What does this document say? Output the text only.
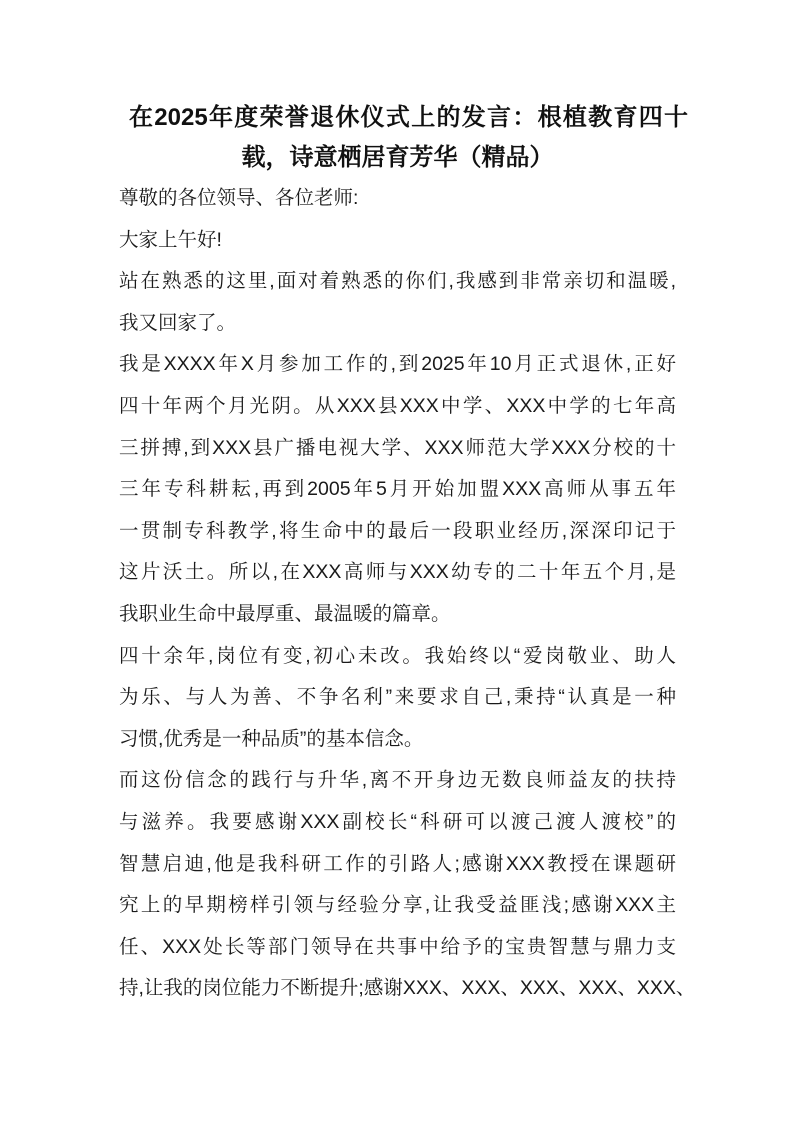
在2025年度荣誉退休仪式上的发言：根植教育四十
载，诗意栖居育芳华（精品）
尊敬的各位领导、各位老师:
大家上午好!
站在熟悉的这里,面对着熟悉的你们,我感到非常亲切和温暖,
我又回家了。
我是XXXX年X月参加工作的,到2025年10月正式退休,正好
四十年两个月光阴。从XXX县XXX中学、XXX中学的七年高
三拼搏,到XXX县广播电视大学、XXX师范大学XXX分校的十
三年专科耕耘,再到2005年5月开始加盟XXX高师从事五年
一贯制专科教学,将生命中的最后一段职业经历,深深印记于
这片沃土。所以,在XXX高师与XXX幼专的二十年五个月,是
我职业生命中最厚重、最温暖的篇章。
四十余年,岗位有变,初心未改。我始终以“爱岗敬业、助人
为乐、与人为善、不争名利”来要求自己,秉持“认真是一种
习惯,优秀是一种品质”的基本信念。
而这份信念的践行与升华,离不开身边无数良师益友的扶持
与滋养。我要感谢XXX副校长“科研可以渡己渡人渡校”的
智慧启迪,他是我科研工作的引路人;感谢XXX教授在课题研
究上的早期榜样引领与经验分享,让我受益匪浅;感谢XXX主
任、XXX处长等部门领导在共事中给予的宝贵智慧与鼎力支
持,让我的岗位能力不断提升;感谢XXX、XXX、XXX、XXX、XXX、
